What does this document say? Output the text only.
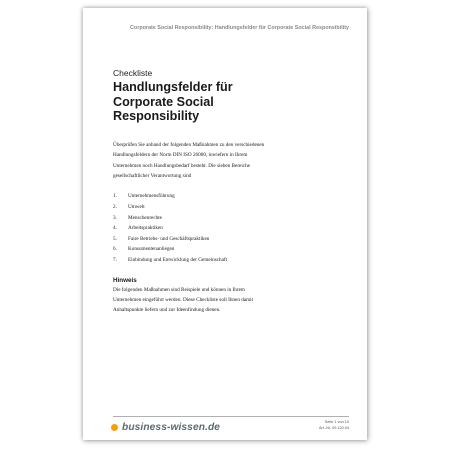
Corporate Social Responsibility: Handlungsfelder für Corporate Social Responsibility
Checkliste
Handlungsfelder für
Corporate Social
Responsibility
Überprüfen Sie anhand der folgenden Maßnahmen zu den verschiedenen
Handlungsfeldern der Norm DIN ISO 26000, inwiefern in Ihrem
Unternehmen noch Handlungsbedarf besteht. Die sieben Bereiche
gesellschaftlicher Verantwortung sind
1. Unternehmensführung
2. Umwelt
3. Menschenrechte
4. Arbeitspraktiken
5. Faire Betriebs- und Geschäftspraktiken
6. Konsumentenanliegen
7. Einbindung und Entwicklung der Gemeinschaft
Hinweis
Die folgenden Maßnahmen sind Beispiele und können in Ihrem
Unternehmen eingeführt werden. Diese Checkliste soll Ihnen damit
Anhaltspunkte liefern und zur Ideenfindung dienen.
business-wissen.de	Seite 1 von 10
Art.-Nr. 09.120.04
